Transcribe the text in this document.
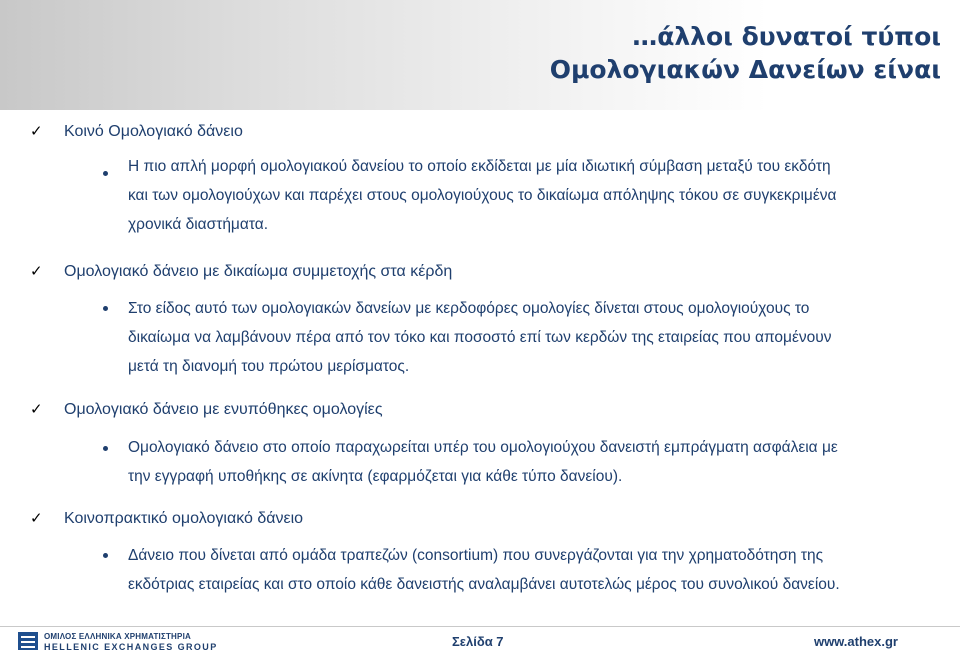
…άλλοι δυνατοί τύποι
Ομολογιακών Δανείων είναι
✓ Κοινό Ομολογιακό δάνειο
Η πιο απλή μορφή ομολογιακού δανείου το οποίο εκδίδεται με μία ιδιωτική σύμβαση μεταξύ του εκδότη
και των ομολογιούχων και παρέχει στους ομολογιούχους το δικαίωμα απόληψης τόκου σε συγκεκριμένα
χρονικά διαστήματα.
✓ Ομολογιακό δάνειο με δικαίωμα συμμετοχής στα κέρδη
Στο είδος αυτό των ομολογιακών δανείων με κερδοφόρες ομολογίες δίνεται στους ομολογιούχους το
δικαίωμα να λαμβάνουν πέρα από τον τόκο και ποσοστό επί των κερδών της εταιρείας που απομένουν
μετά τη διανομή του πρώτου μερίσματος.
✓ Ομολογιακό δάνειο με ενυπόθηκες ομολογίες
Ομολογιακό δάνειο στο οποίο παραχωρείται υπέρ του ομολογιούχου δανειστή εμπράγματη ασφάλεια με
την εγγραφή υποθήκης σε ακίνητα (εφαρμόζεται για κάθε τύπο δανείου).
✓ Κοινοπρακτικό ομολογιακό δάνειο
Δάνειο που δίνεται από ομάδα τραπεζών (consortium) που συνεργάζονται για την χρηματοδότηση της
εκδότριας εταιρείας και στο οποίο κάθε δανειστής αναλαμβάνει αυτοτελώς μέρος του συνολικού δανείου.
ΟΜΙΛΟΣ ΕΛΛΗΝΙΚΑ ΧΡΗΜΑΤΙΣΤΗΡΙΑ
HELLENIC EXCHANGES GROUP	Σελίδα 7	www.athex.gr
